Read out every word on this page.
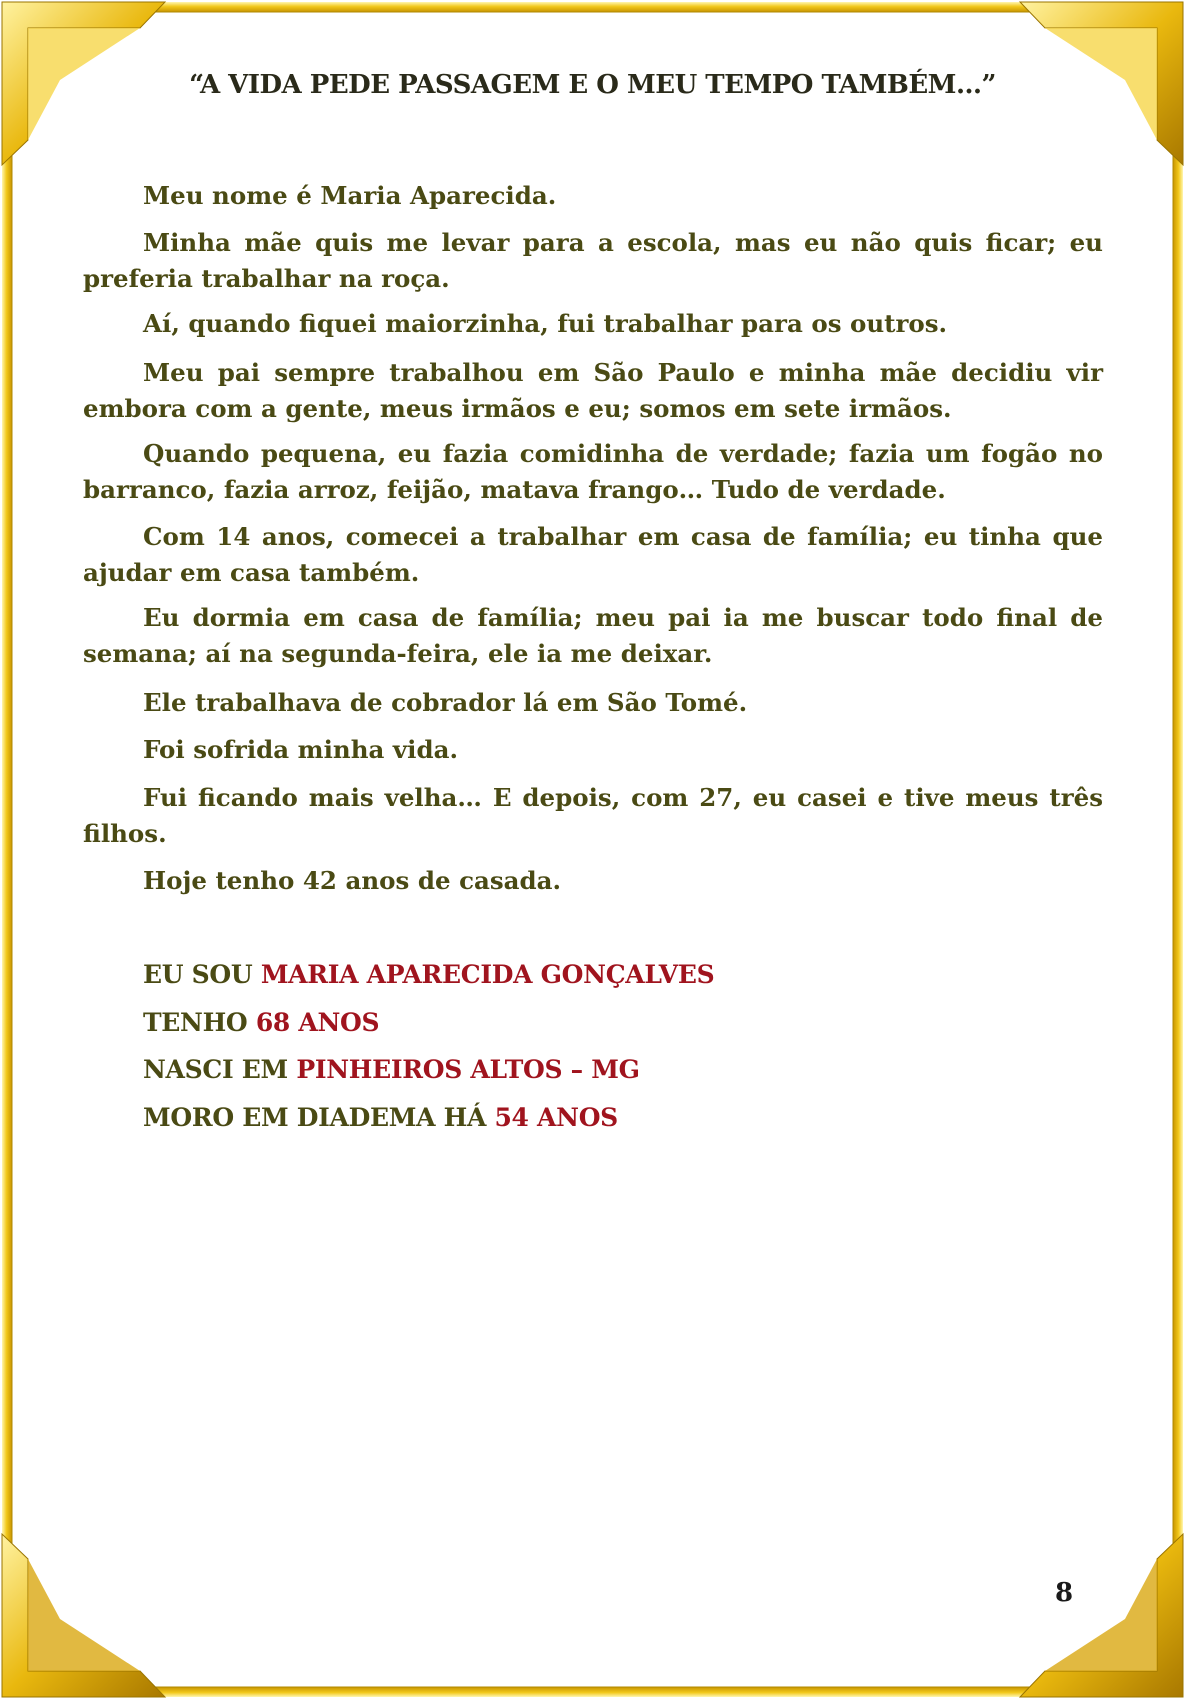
“A VIDA PEDE PASSAGEM E O MEU TEMPO TAMBÉM…”

Meu nome é Maria Aparecida.

Minha mãe quis me levar para a escola, mas eu não quis ficar; eu preferia trabalhar na roça.

Aí, quando fiquei maiorzinha, fui trabalhar para os outros.

Meu pai sempre trabalhou em São Paulo e minha mãe decidiu vir embora com a gente, meus irmãos e eu; somos em sete irmãos.

Quando pequena, eu fazia comidinha de verdade; fazia um fogão no barranco, fazia arroz, feijão, matava frango… Tudo de verdade.

Com 14 anos, comecei a trabalhar em casa de família; eu tinha que ajudar em casa também.

Eu dormia em casa de família; meu pai ia me buscar todo final de semana; aí na segunda-feira, ele ia me deixar.

Ele trabalhava de cobrador lá em São Tomé.

Foi sofrida minha vida.

Fui ficando mais velha… E depois, com 27, eu casei e tive meus três filhos.

Hoje tenho 42 anos de casada.

EU SOU MARIA APARECIDA GONÇALVES
TENHO 68 ANOS
NASCI EM PINHEIROS ALTOS – MG
MORO EM DIADEMA HÁ 54 ANOS
8
